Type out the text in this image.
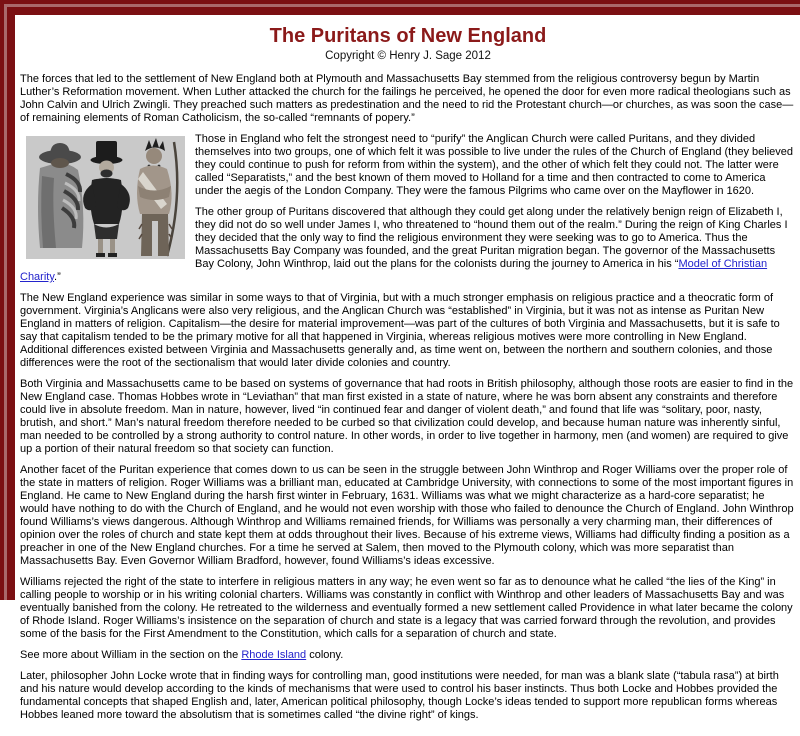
The Puritans of New England
Copyright © Henry J. Sage 2012

The forces that led to the settlement of New England both at Plymouth and Massachusetts Bay stemmed from the religious controversy begun by Martin Luther’s Reformation movement. When Luther attacked the church for the failings he perceived, he opened the door for even more radical theologians such as John Calvin and Ulrich Zwingli. They preached such matters as predestination and the need to rid the Protestant church—or churches, as was soon the case—of remaining elements of Roman Catholicism, the so-called “remnants of popery.”

Those in England who felt the strongest need to “purify” the Anglican Church were called Puritans, and they divided themselves into two groups, one of which felt it was possible to live under the rules of the Church of England (they believed they could continue to push for reform from within the system), and the other of which felt they could not. The latter were called “Separatists,” and the best known of them moved to Holland for a time and then contracted to come to America under the aegis of the London Company. They were the famous Pilgrims who came over on the Mayflower in 1620.

The other group of Puritans discovered that although they could get along under the relatively benign reign of Elizabeth I, they did not do so well under James I, who threatened to “hound them out of the realm.” During the reign of King Charles I they decided that the only way to find the religious environment they were seeking was to go to America. Thus the Massachusetts Bay Company was founded, and the great Puritan migration began. The governor of the Massachusetts Bay Colony, John Winthrop, laid out the plans for the colonists during the journey to America in his “Model of Christian Charity.”

The New England experience was similar in some ways to that of Virginia, but with a much stronger emphasis on religious practice and a theocratic form of government. Virginia’s Anglicans were also very religious, and the Anglican Church was “established” in Virginia, but it was not as intense as Puritan New England in matters of religion. Capitalism—the desire for material improvement—was part of the cultures of both Virginia and Massachusetts, but it is safe to say that capitalism tended to be the primary motive for all that happened in Virginia, whereas religious motives were more controlling in New England. Additional differences existed between Virginia and Massachusetts generally and, as time went on, between the northern and southern colonies, and those differences were the root of the sectionalism that would later divide colonies and country.

Both Virginia and Massachusetts came to be based on systems of governance that had roots in British philosophy, although those roots are easier to find in the New England case. Thomas Hobbes wrote in “Leviathan” that man first existed in a state of nature, where he was born absent any constraints and therefore could live in absolute freedom. Man in nature, however, lived “in continued fear and danger of violent death,” and found that life was “solitary, poor, nasty, brutish, and short.” Man’s natural freedom therefore needed to be curbed so that civilization could develop, and because human nature was inherently sinful, man needed to be controlled by a strong authority to control nature. In other words, in order to live together in harmony, men (and women) are required to give up a portion of their natural freedom so that society can function.

Another facet of the Puritan experience that comes down to us can be seen in the struggle between John Winthrop and Roger Williams over the proper role of the state in matters of religion. Roger Williams was a brilliant man, educated at Cambridge University, with connections to some of the most important figures in England. He came to New England during the harsh first winter in February, 1631. Williams was what we might characterize as a hard-core separatist; he would have nothing to do with the Church of England, and he would not even worship with those who failed to denounce the Church of England. John Winthrop found Williams’s views dangerous. Although Winthrop and Williams remained friends, for Williams was personally a very charming man, their differences of opinion over the roles of church and state kept them at odds throughout their lives. Because of his extreme views, Williams had difficulty finding a position as a preacher in one of the New England churches. For a time he served at Salem, then moved to the Plymouth colony, which was more separatist than Massachusetts Bay. Even Governor William Bradford, however, found Williams’s ideas excessive.

Williams rejected the right of the state to interfere in religious matters in any way; he even went so far as to denounce what he called “the lies of the King” in calling people to worship or in his writing colonial charters. Williams was constantly in conflict with Winthrop and other leaders of Massachusetts Bay and was eventually banished from the colony. He retreated to the wilderness and eventually formed a new settlement called Providence in what later became the colony of Rhode Island. Roger Williams’s insistence on the separation of church and state is a legacy that was carried forward through the revolution, and provides some of the basis for the First Amendment to the Constitution, which calls for a separation of church and state.

See more about William in the section on the Rhode Island colony.

Later, philosopher John Locke wrote that in finding ways for controlling man, good institutions were needed, for man was a blank slate (“tabula rasa”) at birth and his nature would develop according to the kinds of mechanisms that were used to control his baser instincts. Thus both Locke and Hobbes provided the fundamental concepts that shaped English and, later, American political philosophy, though Locke’s ideas tended to support more republican forms whereas Hobbes leaned more toward the absolutism that is sometimes called “the divine right” of kings.
